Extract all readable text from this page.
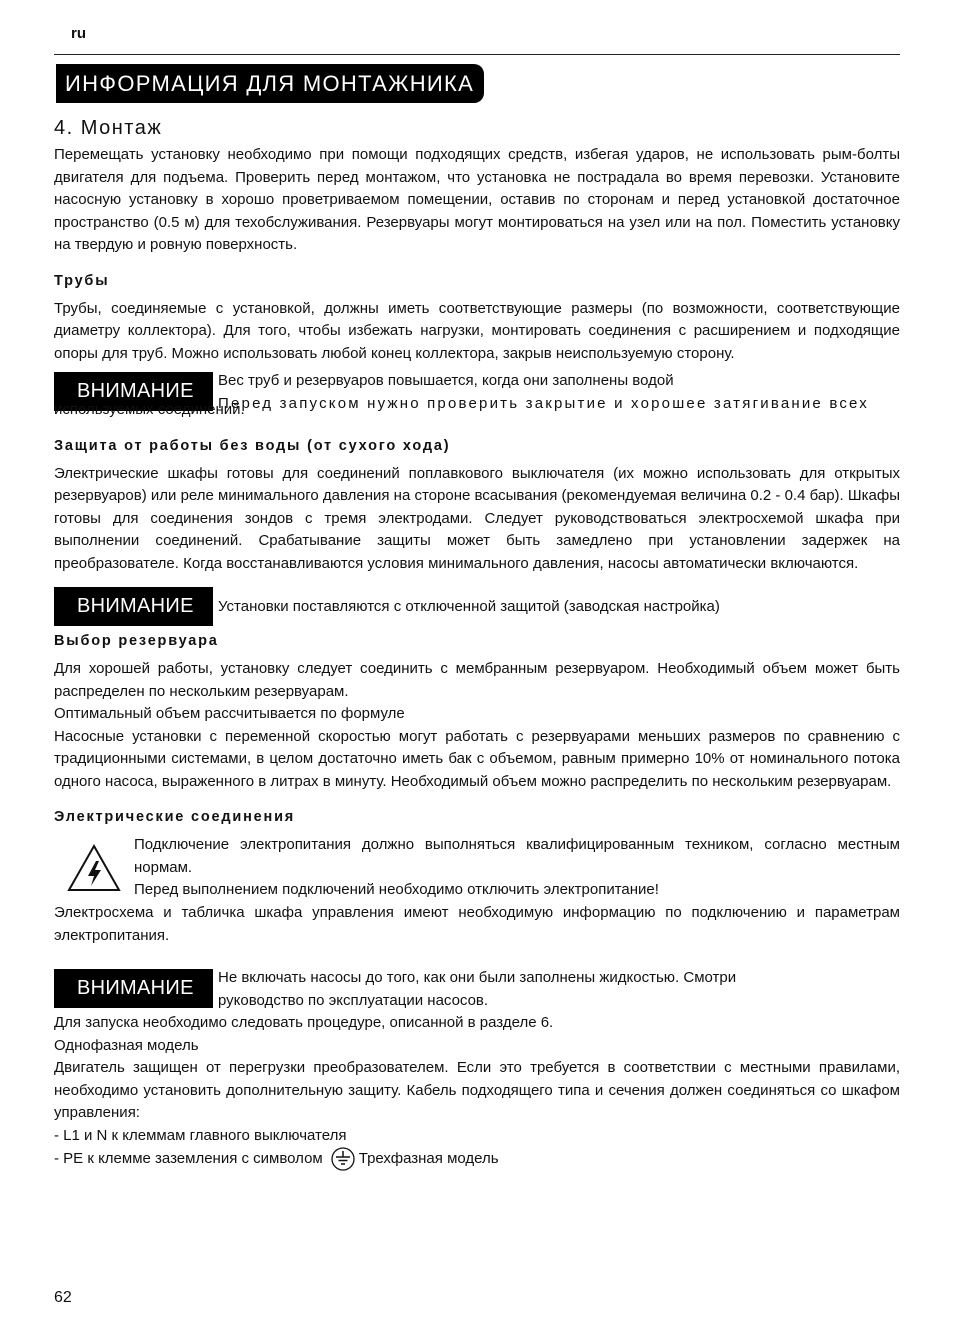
ru
ИНФОРМАЦИЯ ДЛЯ МОНТАЖНИКА
4. Монтаж

Перемещать установку необходимо при помощи подходящих средств, избегая ударов, не использовать рым-болты двигателя для подъема. Проверить перед монтажом, что установка не пострадала во время перевозки. Установите насосную установку в хорошо проветриваемом помещении, оставив по сторонам и перед установкой достаточное пространство (0.5 м) для техобслуживания. Резервуары могут монтироваться на узел или на пол. Поместить установку на твердую и ровную поверхность.

Трубы

Трубы, соединяемые с установкой, должны иметь соответствующие размеры (по возможности, соответствующие диаметру коллектора). Для того, чтобы избежать нагрузки, монтировать соединения с расширением и подходящие опоры для труб. Можно использовать любой конец коллектора, закрыв неиспользуемую сторону.

ВНИМАНИЕ	Вес труб и резервуаров повышается, когда они заполнены водой
Перед запуском нужно проверить закрытие и хорошее затягивание всех

используемых соединений.

Защита от работы без воды (от сухого хода)

Электрические шкафы готовы для соединений поплавкового выключателя (их можно использовать для открытых резервуаров) или реле минимального давления на стороне всасывания (рекомендуемая величина 0.2 - 0.4 бар). Шкафы готовы для соединения зондов с тремя электродами. Следует руководствоваться электросхемой шкафа при выполнении соединений. Срабатывание защиты может быть замедлено при установлении задержек на преобразователе. Когда восстанавливаются условия минимального давления, насосы автоматически включаются.

ВНИМАНИЕ	Установки поставляются с отключенной защитой (заводская настройка)
Выбор резервуара

Для хорошей работы, установку следует соединить с мембранным резервуаром. Необходимый объем может быть распределен по нескольким резервуарам.

Оптимальный объем рассчитывается по формуле

Насосные установки с переменной скоростью могут работать с резервуарами меньших размеров по сравнению с традиционными системами, в целом достаточно иметь бак с объемом, равным примерно 10% от номинального потока одного насоса, выраженного в литрах в минуту. Необходимый объем можно распределить по нескольким резервуарам.

Электрические соединения
Подключение электропитания должно выполняться квалифицированным техником, согласно местным нормам.
Перед выполнением подключений необходимо отключить электропитание!

Электросхема и табличка шкафа управления имеют необходимую информацию по подключению и параметрам электропитания.

ВНИМАНИЕ	Не включать насосы до того, как они были заполнены жидкостью. Смотри руководство по эксплуатации насосов.

Для запуска необходимо следовать процедуре, описанной в разделе 6.

Однофазная модель

Двигатель защищен от перегрузки преобразователем. Если это требуется в соответствии с местными правилами, необходимо установить дополнительную защиту. Кабель подходящего типа и сечения должен соединяться со шкафом управления:

- L1 и N к клеммам главного выключателя
- PE к клемме заземления с символом Трехфазная модель
62
